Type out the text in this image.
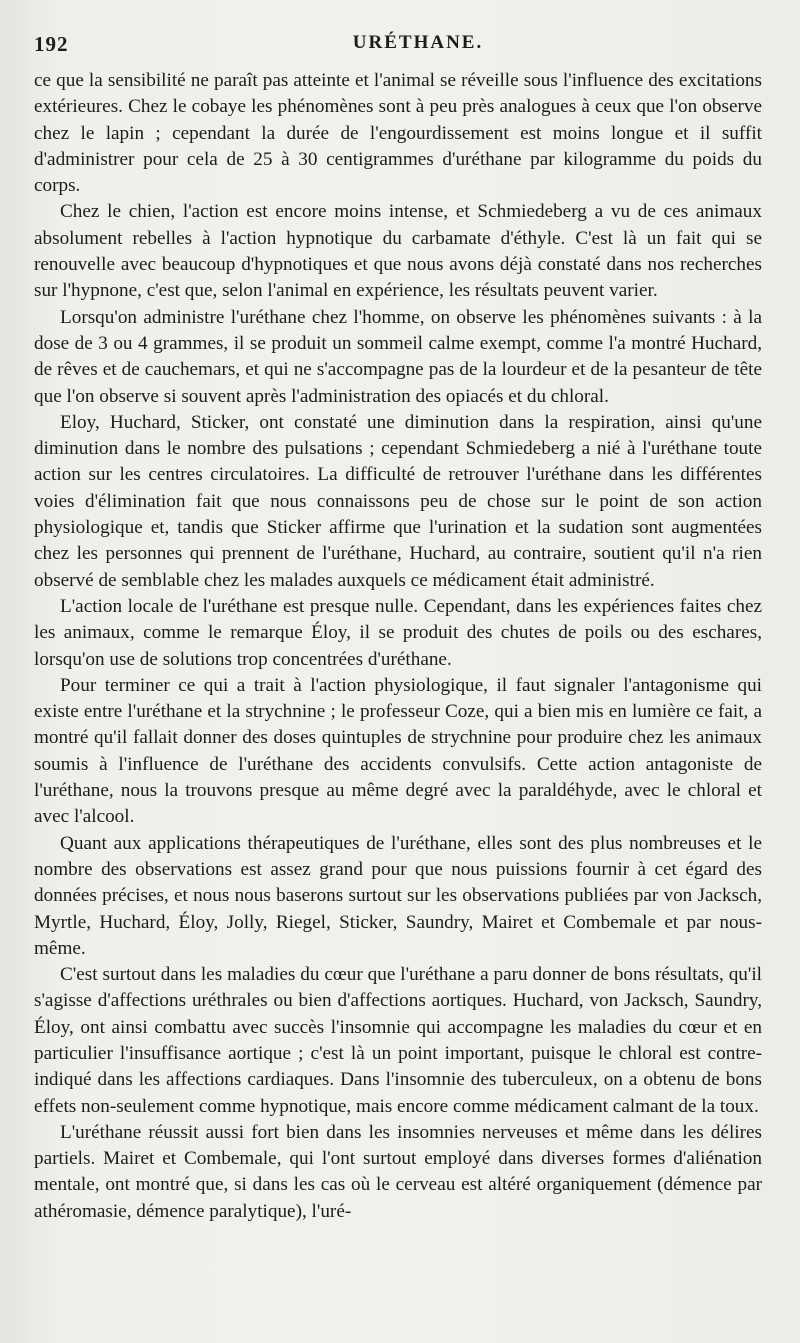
192	URÉTHANE.

ce que la sensibilité ne paraît pas atteinte et l'animal se réveille sous l'influence des excitations extérieures. Chez le cobaye les phénomènes sont à peu près analogues à ceux que l'on observe chez le lapin ; cependant la durée de l'engourdissement est moins longue et il suffit d'administrer pour cela de 25 à 30 centigrammes d'uréthane par kilogramme du poids du corps.

Chez le chien, l'action est encore moins intense, et Schmiedeberg a vu de ces animaux absolument rebelles à l'action hypnotique du carbamate d'éthyle. C'est là un fait qui se renouvelle avec beaucoup d'hypnotiques et que nous avons déjà constaté dans nos recherches sur l'hypnone, c'est que, selon l'animal en expérience, les résultats peuvent varier.

Lorsqu'on administre l'uréthane chez l'homme, on observe les phénomènes suivants : à la dose de 3 ou 4 grammes, il se produit un sommeil calme exempt, comme l'a montré Huchard, de rêves et de cauchemars, et qui ne s'accompagne pas de la lourdeur et de la pesanteur de tête que l'on observe si souvent après l'administration des opiacés et du chloral.

Eloy, Huchard, Sticker, ont constaté une diminution dans la respiration, ainsi qu'une diminution dans le nombre des pulsations ; cependant Schmiedeberg a nié à l'uréthane toute action sur les centres circulatoires. La difficulté de retrouver l'uréthane dans les différentes voies d'élimination fait que nous connaissons peu de chose sur le point de son action physiologique et, tandis que Sticker affirme que l'urination et la sudation sont augmentées chez les personnes qui prennent de l'uréthane, Huchard, au contraire, soutient qu'il n'a rien observé de semblable chez les malades auxquels ce médicament était administré.

L'action locale de l'uréthane est presque nulle. Cependant, dans les expériences faites chez les animaux, comme le remarque Éloy, il se produit des chutes de poils ou des eschares, lorsqu'on use de solutions trop concentrées d'uréthane.

Pour terminer ce qui a trait à l'action physiologique, il faut signaler l'antagonisme qui existe entre l'uréthane et la strychnine ; le professeur Coze, qui a bien mis en lumière ce fait, a montré qu'il fallait donner des doses quintuples de strychnine pour produire chez les animaux soumis à l'influence de l'uréthane des accidents convulsifs. Cette action antagoniste de l'uréthane, nous la trouvons presque au même degré avec la paraldéhyde, avec le chloral et avec l'alcool.

Quant aux applications thérapeutiques de l'uréthane, elles sont des plus nombreuses et le nombre des observations est assez grand pour que nous puissions fournir à cet égard des données précises, et nous nous baserons surtout sur les observations publiées par von Jacksch, Myrtle, Huchard, Éloy, Jolly, Riegel, Sticker, Saundry, Mairet et Combemale et par nous-même.

C'est surtout dans les maladies du cœur que l'uréthane a paru donner de bons résultats, qu'il s'agisse d'affections uréthrales ou bien d'affections aortiques. Huchard, von Jacksch, Saundry, Éloy, ont ainsi combattu avec succès l'insomnie qui accompagne les maladies du cœur et en particulier l'insuffisance aortique ; c'est là un point important, puisque le chloral est contre-indiqué dans les affections cardiaques. Dans l'insomnie des tuberculeux, on a obtenu de bons effets non-seulement comme hypnotique, mais encore comme médicament calmant de la toux.

L'uréthane réussit aussi fort bien dans les insomnies nerveuses et même dans les délires partiels. Mairet et Combemale, qui l'ont surtout employé dans diverses formes d'aliénation mentale, ont montré que, si dans les cas où le cerveau est altéré organiquement (démence par athéromasie, démence paralytique), l'uré-
